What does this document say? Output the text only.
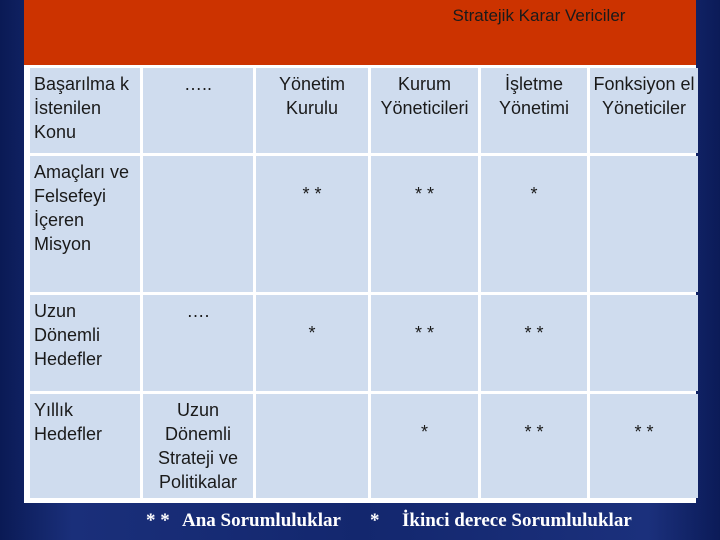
Stratejik Karar Vericiler
Başarılma k İstenilen Konu	…..	Yönetim Kurulu	Kurum Yöneticileri	İşletme Yönetimi	Fonksiyon el Yöneticiler
Amaçları ve Felsefeyi İçeren Misyon		* *	* *	*	
Uzun Dönemli Hedefler	….	*	* *	* *	
Yıllık Hedefler	Uzun Dönemli Strateji ve Politikalar		*	* *	* *
* * Ana Sorumluluklar * İkinci derece Sorumluluklar
